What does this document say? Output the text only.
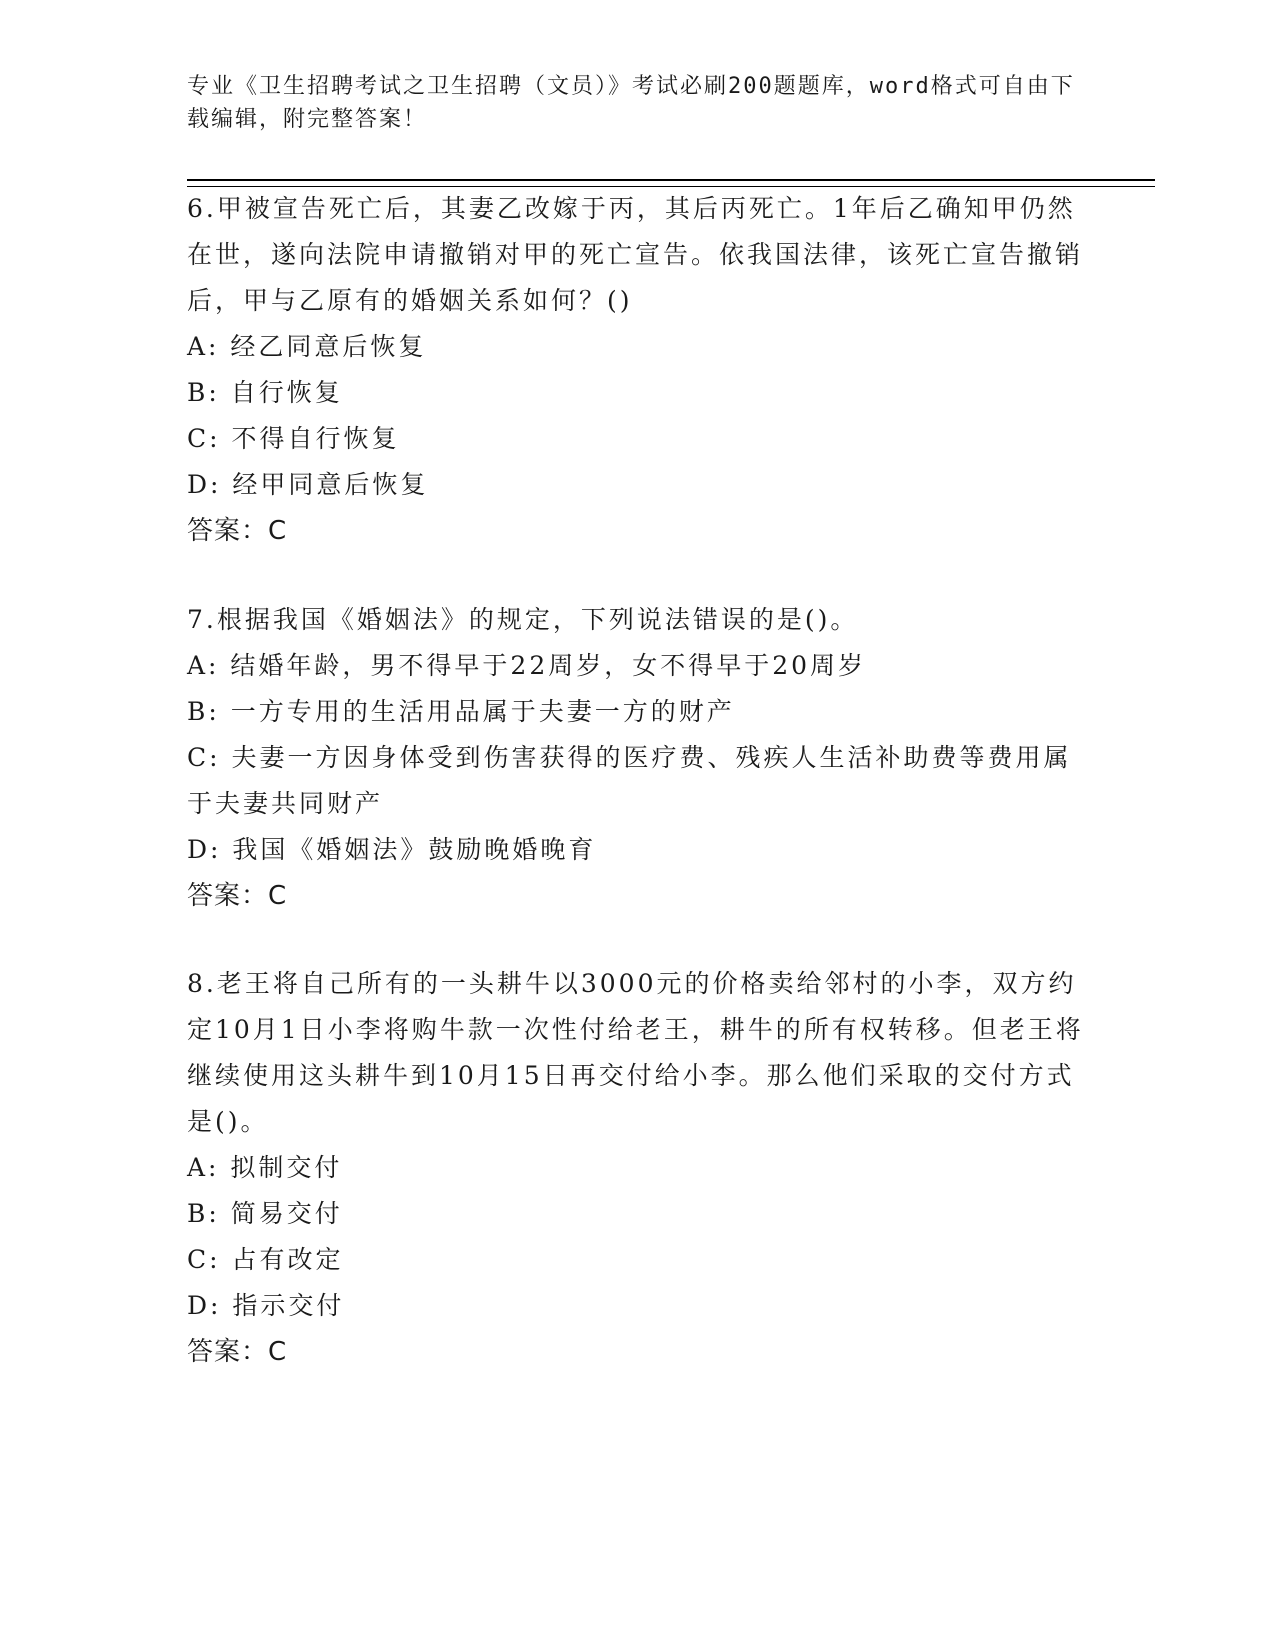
专业《卫生招聘考试之卫生招聘（文员）》考试必刷200题题库，word格式可自由下载编辑，附完整答案！

6.甲被宣告死亡后，其妻乙改嫁于丙，其后丙死亡。1年后乙确知甲仍然在世，遂向法院申请撤销对甲的死亡宣告。依我国法律，该死亡宣告撤销后，甲与乙原有的婚姻关系如何？()

A: 经乙同意后恢复

B: 自行恢复

C: 不得自行恢复

D: 经甲同意后恢复

答案：C

7.根据我国《婚姻法》的规定，下列说法错误的是()。

A: 结婚年龄，男不得早于22周岁，女不得早于20周岁

B: 一方专用的生活用品属于夫妻一方的财产

C: 夫妻一方因身体受到伤害获得的医疗费、残疾人生活补助费等费用属于夫妻共同财产

D: 我国《婚姻法》鼓励晚婚晚育

答案：C

8.老王将自己所有的一头耕牛以3000元的价格卖给邻村的小李，双方约定10月1日小李将购牛款一次性付给老王，耕牛的所有权转移。但老王将继续使用这头耕牛到10月15日再交付给小李。那么他们采取的交付方式是()。

A: 拟制交付

B: 简易交付

C: 占有改定

D: 指示交付

答案：C
